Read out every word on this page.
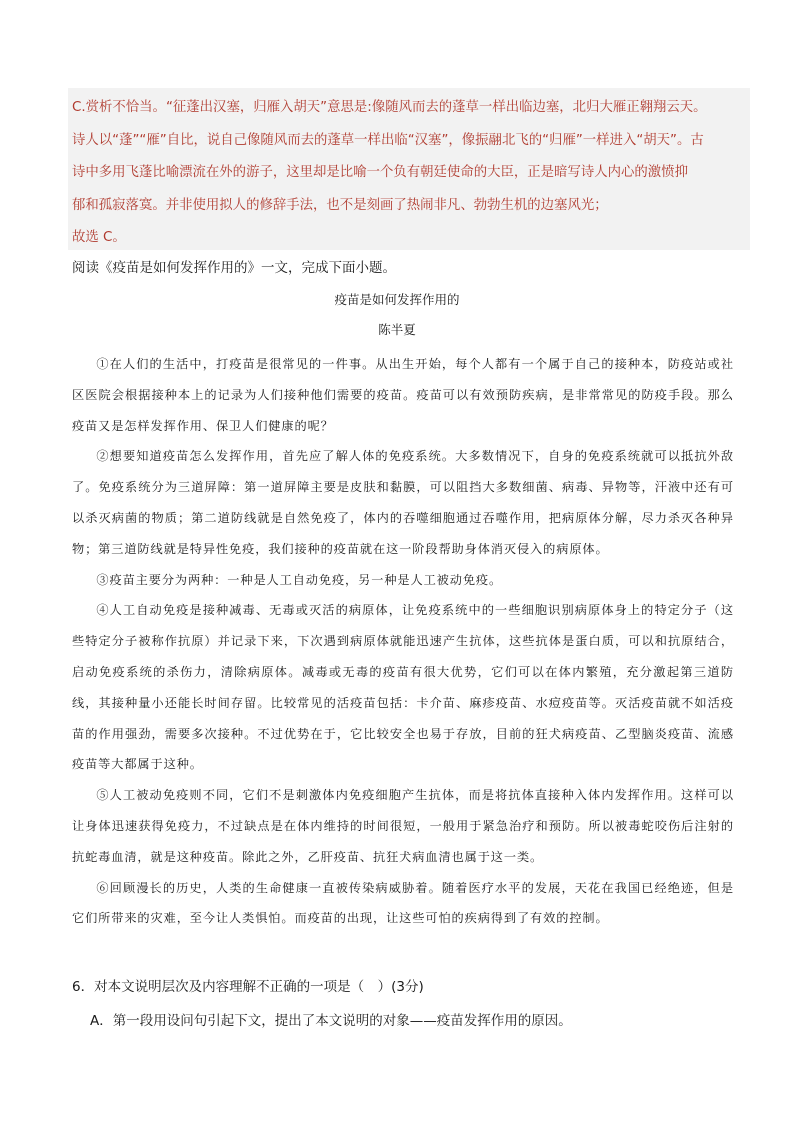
C.赏析不恰当。“征蓬出汉塞，归雁入胡天”意思是:像随风而去的蓬草一样出临边塞，北归大雁正翱翔云天。

诗人以“蓬”“雁”自比，说自己像随风而去的蓬草一样出临“汉塞”，像振翮北飞的“归雁”一样进入“胡天”。古

诗中多用飞蓬比喻漂流在外的游子，这里却是比喻一个负有朝廷使命的大臣，正是暗写诗人内心的激愤抑

郁和孤寂落寞。并非使用拟人的修辞手法，也不是刻画了热闹非凡、勃勃生机的边塞风光；

故选 C。

阅读《疫苗是如何发挥作用的》一文，完成下面小题。

疫苗是如何发挥作用的

陈半夏

①在人们的生活中，打疫苗是很常见的一件事。从出生开始，每个人都有一个属于自己的接种本，防疫站或社区医院会根据接种本上的记录为人们接种他们需要的疫苗。疫苗可以有效预防疾病，是非常常见的防疫手段。那么疫苗又是怎样发挥作用、保卫人们健康的呢？

②想要知道疫苗怎么发挥作用，首先应了解人体的免疫系统。大多数情况下，自身的免疫系统就可以抵抗外敌了。免疫系统分为三道屏障：第一道屏障主要是皮肤和黏膜，可以阻挡大多数细菌、病毒、异物等，汗液中还有可以杀灭病菌的物质；第二道防线就是自然免疫了，体内的吞噬细胞通过吞噬作用，把病原体分解，尽力杀灭各种异物；第三道防线就是特异性免疫，我们接种的疫苗就在这一阶段帮助身体消灭侵入的病原体。

③疫苗主要分为两种：一种是人工自动免疫，另一种是人工被动免疫。

④人工自动免疫是接种减毒、无毒或灭活的病原体，让免疫系统中的一些细胞识别病原体身上的特定分子（这些特定分子被称作抗原）并记录下来，下次遇到病原体就能迅速产生抗体，这些抗体是蛋白质，可以和抗原结合，启动免疫系统的杀伤力，清除病原体。减毒或无毒的疫苗有很大优势，它们可以在体内繁殖，充分激起第三道防线，其接种量小还能长时间存留。比较常见的活疫苗包括：卡介苗、麻疹疫苗、水痘疫苗等。灭活疫苗就不如活疫苗的作用强劲，需要多次接种。不过优势在于，它比较安全也易于存放，目前的狂犬病疫苗、乙型脑炎疫苗、流感疫苗等大都属于这种。

⑤人工被动免疫则不同，它们不是刺激体内免疫细胞产生抗体，而是将抗体直接种入体内发挥作用。这样可以让身体迅速获得免疫力，不过缺点是在体内维持的时间很短，一般用于紧急治疗和预防。所以被毒蛇咬伤后注射的抗蛇毒血清，就是这种疫苗。除此之外，乙肝疫苗、抗狂犬病血清也属于这一类。

⑥回顾漫长的历史，人类的生命健康一直被传染病威胁着。随着医疗水平的发展，天花在我国已经绝迹，但是它们所带来的灾难，至今让人类惧怕。而疫苗的出现，让这些可怕的疾病得到了有效的控制。

6．对本文说明层次及内容理解不正确的一项是（　）(3分)

A．第一段用设问句引起下文，提出了本文说明的对象——疫苗发挥作用的原因。
